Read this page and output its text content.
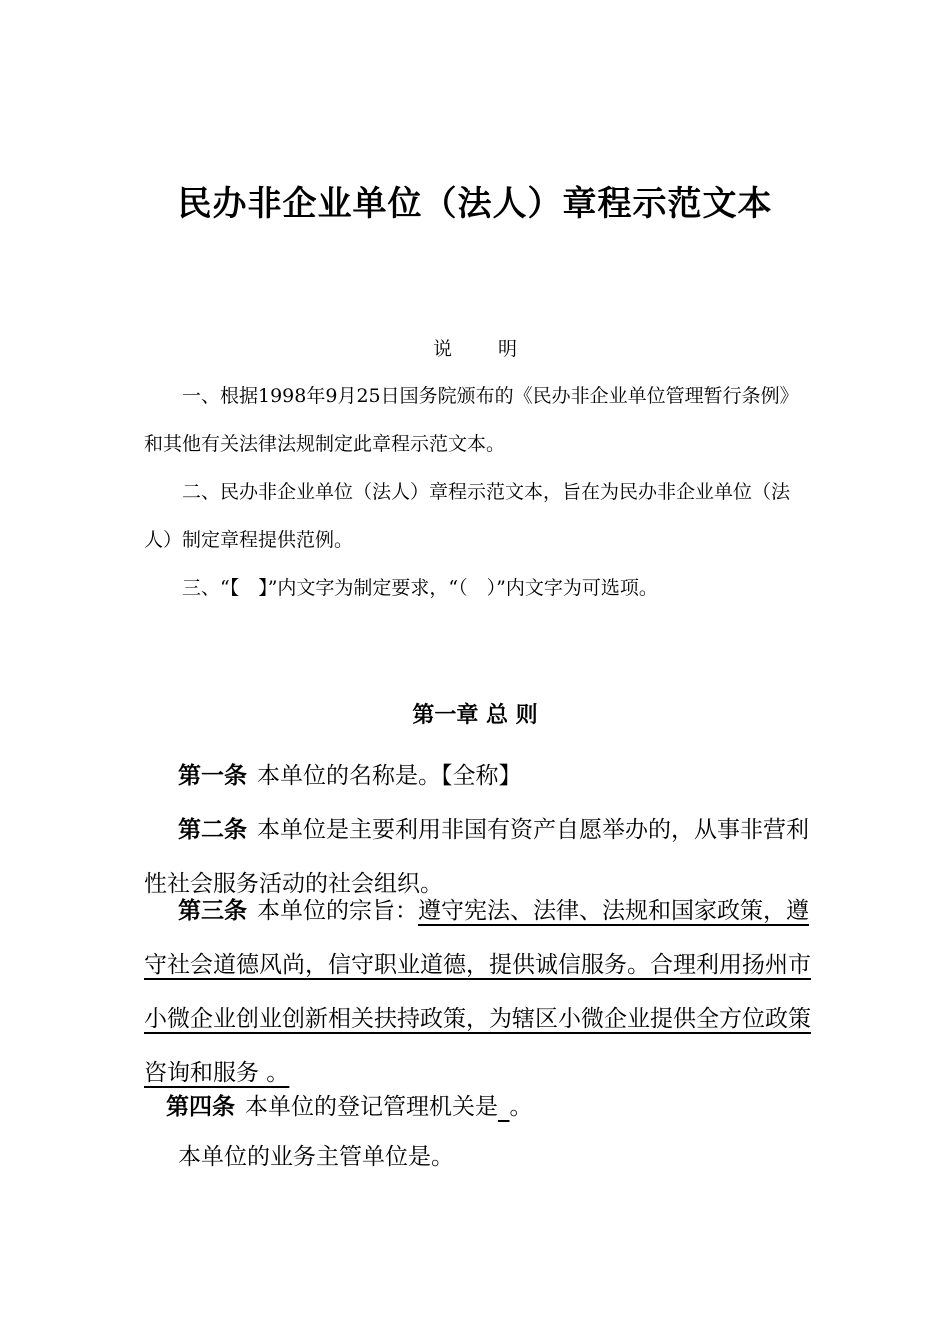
民办非企业单位（法人）章程示范文本
说明

一、根据1998年9月25日国务院颁布的《民办非企业单位管理暂行条例》和其他有关法律法规制定此章程示范文本。

二、民办非企业单位（法人）章程示范文本，旨在为民办非企业单位（法人）制定章程提供范例。

三、“【　】”内文字为制定要求，“（　）”内文字为可选项。

第一章 总 则

第一条 本单位的名称是。【全称】

第二条 本单位是主要利用非国有资产自愿举办的，从事非营利性社会服务活动的社会组织。

第三条 本单位的宗旨：遵守宪法、法律、法规和国家政策，遵守社会道德风尚，信守职业道德，提供诚信服务。合理利用扬州市小微企业创业创新相关扶持政策，为辖区小微企业提供全方位政策咨询和服务 。

第四条 本单位的登记管理机关是  。

本单位的业务主管单位是。
